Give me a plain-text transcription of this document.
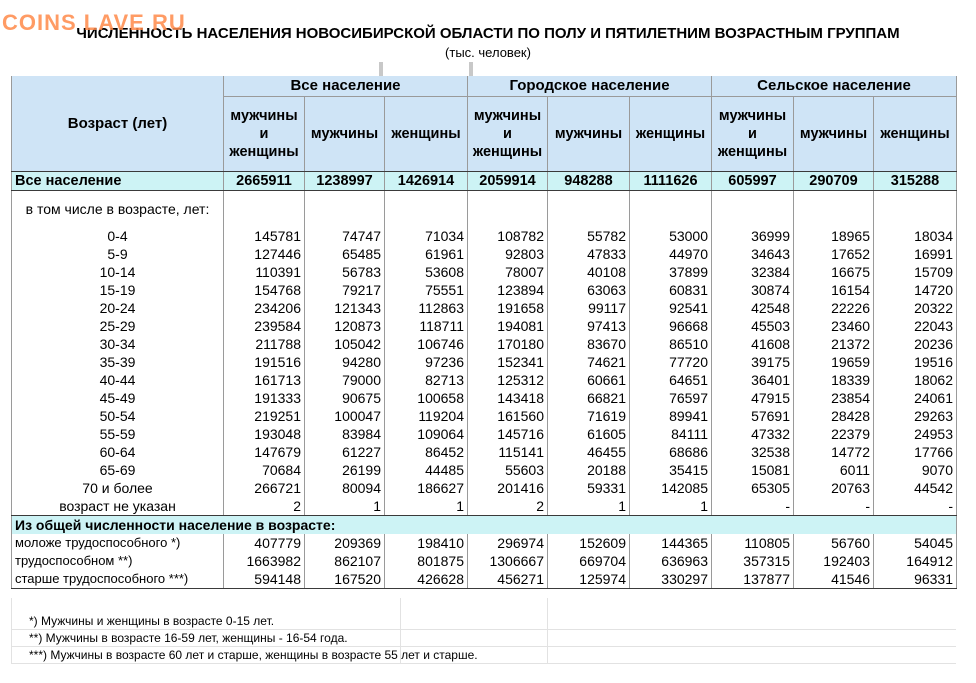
COINS LAVE RU
ЧИСЛЕННОСТЬ НАСЕЛЕНИЯ НОВОСИБИРСКОЙ ОБЛАСТИ ПО ПОЛУ И ПЯТИЛЕТНИМ ВОЗРАСТНЫМ ГРУППАМ
(тыс. человек)
Возраст (лет)	Все население			Городское население			Сельское население		
	мужчины и женщины	мужчины	женщины	мужчины и женщины	мужчины	женщины	мужчины и женщины	мужчины	женщины
Все население	2665911	1238997	1426914	2059914	948288	1111626	605997	290709	315288
в том числе в возрасте, лет:									

0-4	145781	74747	71034	108782	55782	53000	36999	18965	18034
5-9	127446	65485	61961	92803	47833	44970	34643	17652	16991
10-14	110391	56783	53608	78007	40108	37899	32384	16675	15709
15-19	154768	79217	75551	123894	63063	60831	30874	16154	14720
20-24	234206	121343	112863	191658	99117	92541	42548	22226	20322
25-29	239584	120873	118711	194081	97413	96668	45503	23460	22043
30-34	211788	105042	106746	170180	83670	86510	41608	21372	20236
35-39	191516	94280	97236	152341	74621	77720	39175	19659	19516
40-44	161713	79000	82713	125312	60661	64651	36401	18339	18062
45-49	191333	90675	100658	143418	66821	76597	47915	23854	24061
50-54	219251	100047	119204	161560	71619	89941	57691	28428	29263
55-59	193048	83984	109064	145716	61605	84111	47332	22379	24953
60-64	147679	61227	86452	115141	46455	68686	32538	14772	17766
65-69	70684	26199	44485	55603	20188	35415	15081	6011	9070
70 и более	266721	80094	186627	201416	59331	142085	65305	20763	44542
возраст не указан	2	1	1	2	1	1	-	-	-
Из общей численности население в возрасте:									
моложе трудоспособного *)	407779	209369	198410	296974	152609	144365	110805	56760	54045
трудоспособном **)	1663982	862107	801875	1306667	669704	636963	357315	192403	164912
старше трудоспособного ***)	594148	167520	426628	456271	125974	330297	137877	41546	96331
*) Мужчины и женщины в возрасте 0-15 лет.
**) Мужчины в возрасте 16-59 лет, женщины - 16-54 года.
***) Мужчины в возрасте 60 лет и старше, женщины в возрасте 55 лет и старше.
